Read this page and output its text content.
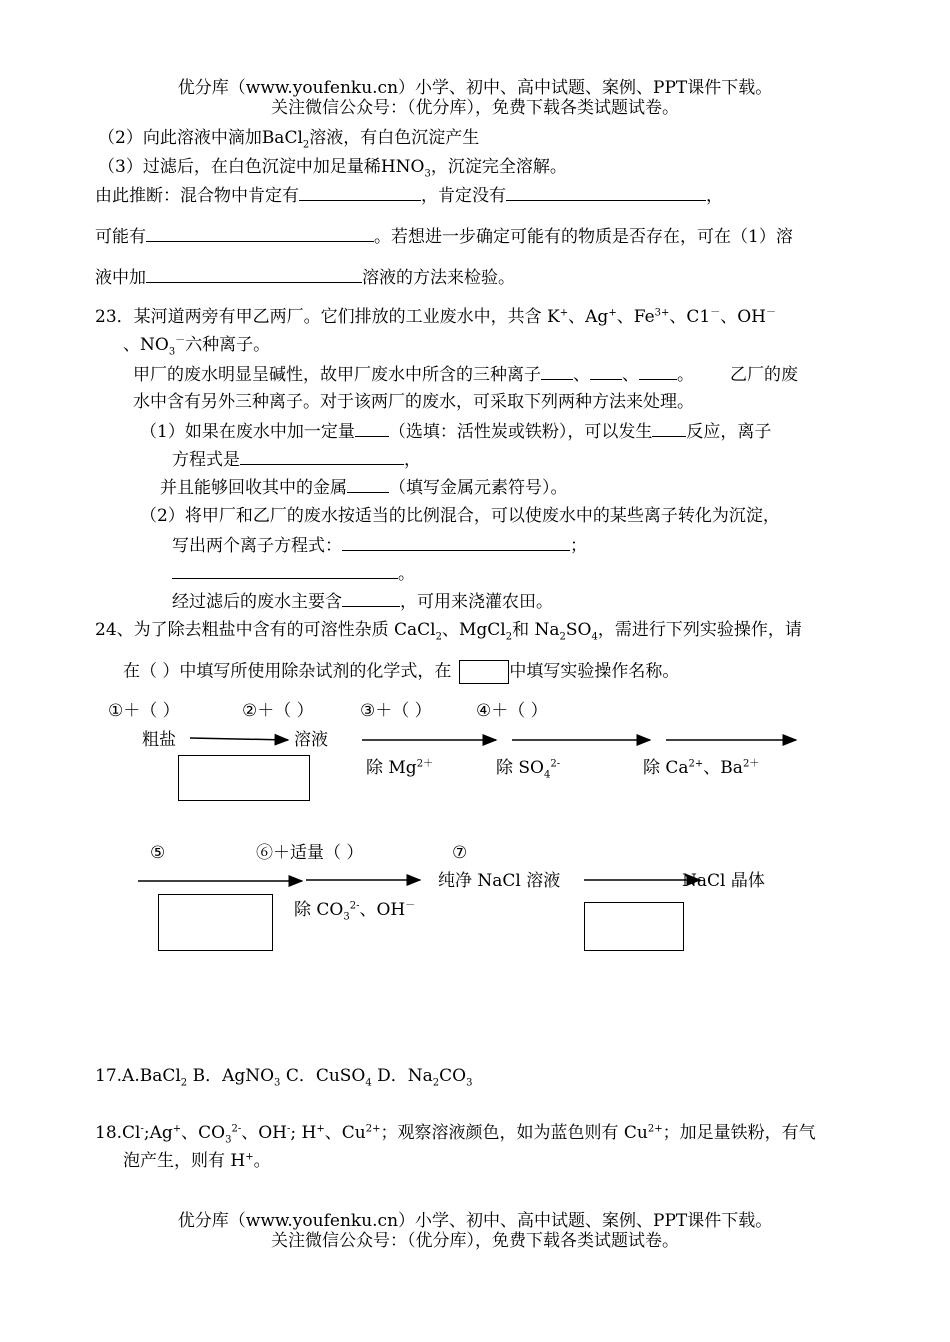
优分库（www.youfenku.cn）小学、初中、高中试题、案例、PPT课件下载。
关注微信公众号：（优分库），免费下载各类试题试卷。
（2）向此溶液中滴加BaCl$_2$溶液，有白色沉淀产生
（3）过滤后，在白色沉淀中加足量稀$HNO_3$，沉淀完全溶解。
由此推断：混合物中肯定有	，肯定没有	，
可能有	。若想进一步确定可能有的物质是否存在，可在（1）溶
液中加	溶液的方法来检验。
23．某河道两旁有甲乙两厂。它们排放的工业废水中，共含 K+、Ag+、$Fe^{3+}$、C1－、OH－
、$NO_3^-$六种离子。
甲厂的废水明显呈碱性，故甲厂废水中所含的三种离子 、 、 。 乙厂的废
水中含有另外三种离子。对于该两厂的废水，可采取下列两种方法来处理。
（1）如果在废水中加一定量 （选填：活性炭或铁粉），可以发生 反应，离子
方程式是	，
并且能够回收其中的金属 （填写金属元素符号）。
（2）将甲厂和乙厂的废水按适当的比例混合，可以使废水中的某些离子转化为沉淀，
写出两个离子方程式：	；
。
经过滤后的废水主要含	，可用来浇灌农田。
24、为了除去粗盐中含有的可溶性杂质 CaCl$_2$、MgCl$_2$和 $Na_2SO_4$，需进行下列实验操作，请
在（ ）中填写所使用除杂试剂的化学式，在	中填写实验操作名称。
①＋（ ）	②＋（ ）	③＋（ ）	④＋（ ）
粗盐	溶液
除 $Mg^{2+}$	除 $SO_4^{2-}$	除 $Ca^{2+}$、$Ba^{2+}$
⑤	⑥＋适量（ ）	⑦
纯净 NaCl 溶液	NaCl 晶体
除 $CO_3^{2-}$、OH－
17.A.BaCl$_2$ B．AgNO$_3$ C．CuSO$_4$ D．$Na_2CO_3$
18.Cl-;Ag+、$CO_3^{2-}$、OH-; H+、$Cu^{2+}$；观察溶液颜色，如为蓝色则有 $Cu^{2+}$；加足量铁粉，有气
泡产生，则有 H+。
优分库（www.youfenku.cn）小学、初中、高中试题、案例、PPT课件下载。
关注微信公众号：（优分库），免费下载各类试题试卷。
